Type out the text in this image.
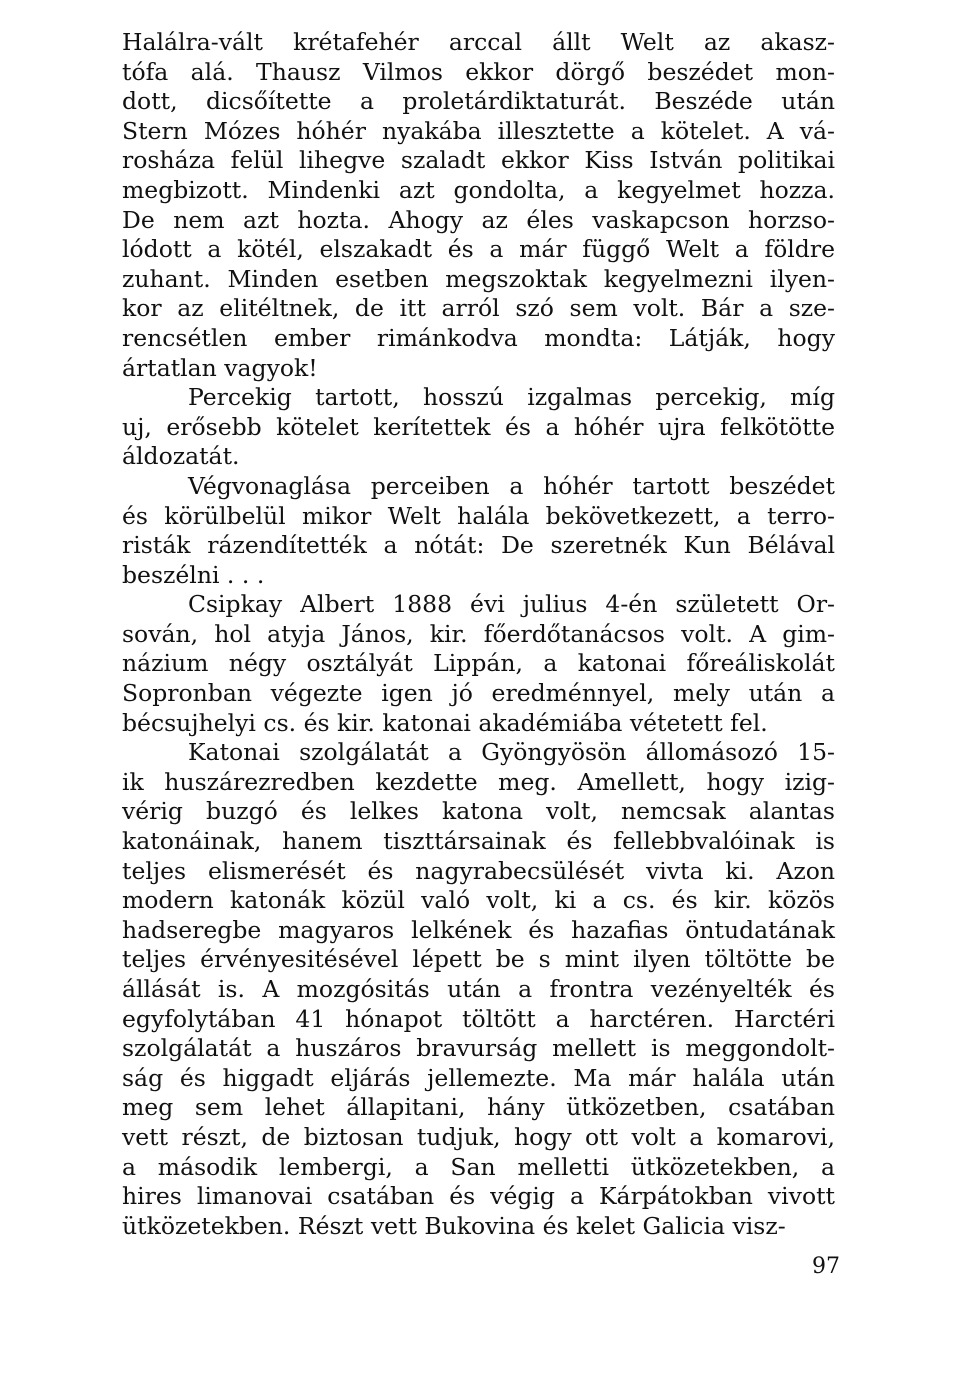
Halálra-vált krétafehér arccal állt Welt az akasz-
tófa alá. Thausz Vilmos ekkor dörgő beszédet mon-
dott, dicsőítette a proletárdiktaturát. Beszéde után
Stern Mózes hóhér nyakába illesztette a kötelet. A vá-
rosháza felül lihegve szaladt ekkor Kiss István politikai
megbizott. Mindenki azt gondolta, a kegyelmet hozza.
De nem azt hozta. Ahogy az éles vaskapcson horzso-
lódott a kötél, elszakadt és a már függő Welt a földre
zuhant. Minden esetben megszoktak kegyelmezni ilyen-
kor az elitéltnek, de itt arról szó sem volt. Bár a sze-
rencsétlen ember rimánkodva mondta: Látják, hogy
ártatlan vagyok!
Percekig tartott, hosszú izgalmas percekig, míg
uj, erősebb kötelet kerítettek és a hóhér ujra felkötötte
áldozatát.
Végvonaglása perceiben a hóhér tartott beszédet
és körülbelül mikor Welt halála bekövetkezett, a terro-
risták rázendítették a nótát: De szeretnék Kun Bélával
beszélni . . .
Csipkay Albert 1888 évi julius 4-én született Or-
sován, hol atyja János, kir. főerdőtanácsos volt. A gim-
názium négy osztályát Lippán, a katonai főreáliskolát
Sopronban végezte igen jó eredménnyel, mely után a
bécsujhelyi cs. és kir. katonai akadémiába vétetett fel.
Katonai szolgálatát a Gyöngyösön állomásozó 15-
ik huszárezredben kezdette meg. Amellett, hogy izig-
vérig buzgó és lelkes katona volt, nemcsak alantas
katonáinak, hanem tiszttársainak és fellebbvalóinak is
teljes elismerését és nagyrabecsülését vivta ki. Azon
modern katonák közül való volt, ki a cs. és kir. közös
hadseregbe magyaros lelkének és hazafias öntudatának
teljes érvényesitésével lépett be s mint ilyen töltötte be
állását is. A mozgósitás után a frontra vezényelték és
egyfolytában 41 hónapot töltött a harctéren. Harctéri
szolgálatát a huszáros bravurság mellett is meggondolt-
ság és higgadt eljárás jellemezte. Ma már halála után
meg sem lehet állapitani, hány ütközetben, csatában
vett részt, de biztosan tudjuk, hogy ott volt a komarovi,
a második lembergi, a San melletti ütközetekben, a
hires limanovai csatában és végig a Kárpátokban vivott
ütközetekben. Részt vett Bukovina és kelet Galicia visz-
97
